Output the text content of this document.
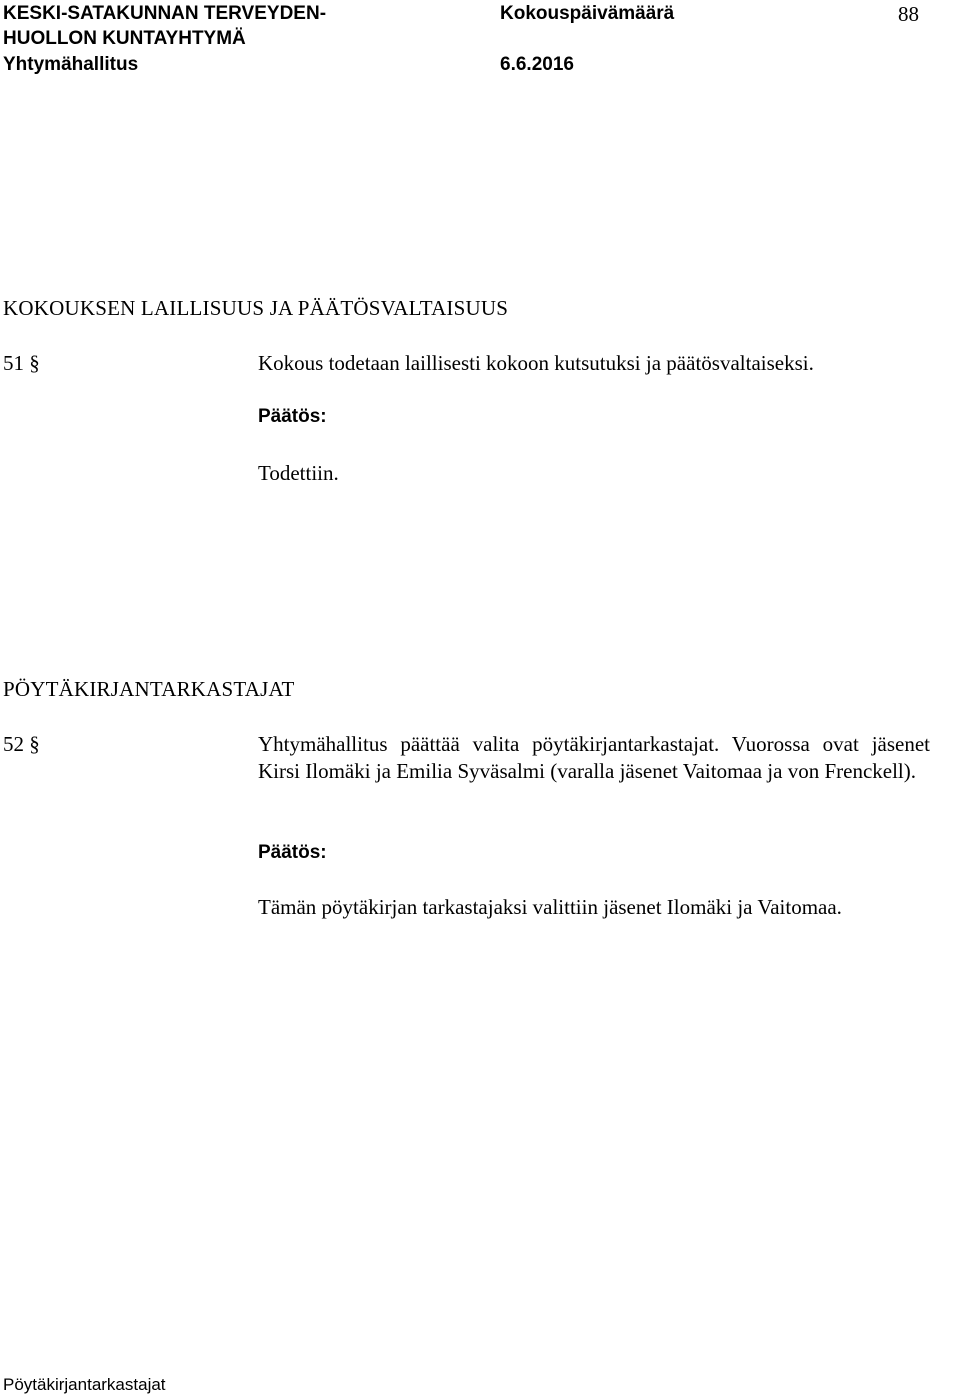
KESKI-SATAKUNNAN TERVEYDEN-
HUOLLON KUNTAYHTYMÄ
Yhtymähallitus
Kokouspäivämäärä
6.6.2016
88
KOKOUKSEN LAILLISUUS JA PÄÄTÖSVALTAISUUS
51 §	Kokous todetaan laillisesti kokoon kutsutuksi ja päätösvaltaiseksi.
Päätös:
Todettiin.
PÖYTÄKIRJANTARKASTAJAT
52 §	Yhtymähallitus päättää valita pöytäkirjantarkastajat. Vuorossa ovat jäsenet Kirsi Ilomäki ja Emilia Syväsalmi (varalla jäsenet Vaitomaa ja von Frenckell).
Päätös:
Tämän pöytäkirjan tarkastajaksi valittiin jäsenet Ilomäki ja Vaitomaa.
Pöytäkirjantarkastajat
